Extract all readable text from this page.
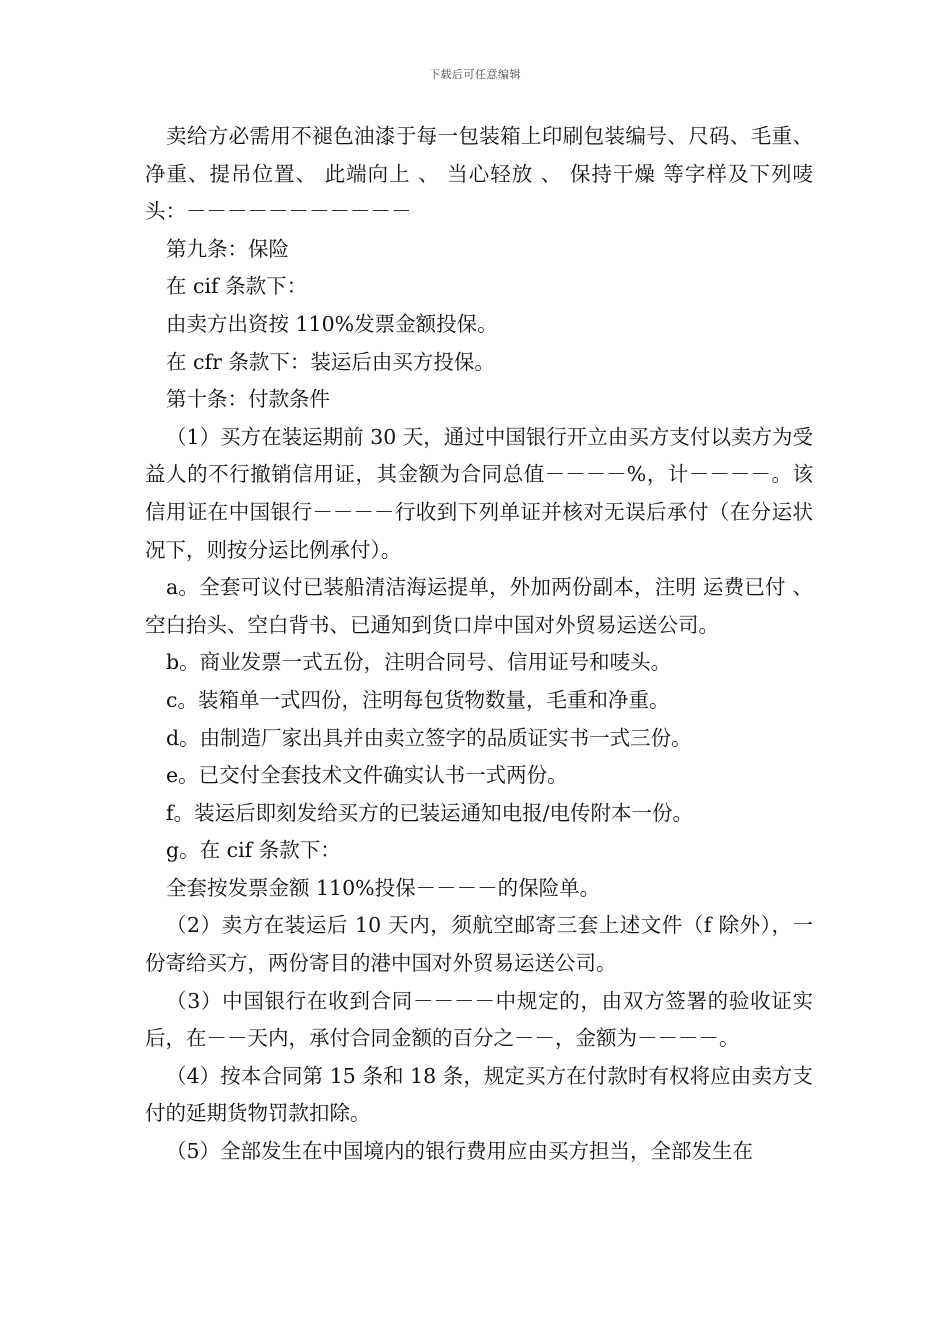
下载后可任意编辑

卖给方必需用不褪色油漆于每一包装箱上印刷包装编号、尺码、毛重、净重、提吊位置、 此端向上 、 当心轻放 、 保持干燥 等字样及下列唛头：－－－－－－－－－－－

第九条：保险

在 cif 条款下：

由卖方出资按 110%发票金额投保。

在 cfr 条款下：装运后由买方投保。

第十条：付款条件

（1）买方在装运期前 30 天，通过中国银行开立由买方支付以卖方为受益人的不行撤销信用证，其金额为合同总值－－－－%，计－－－－。该信用证在中国银行－－－－行收到下列单证并核对无误后承付（在分运状况下，则按分运比例承付）。

a。全套可议付已装船清洁海运提单，外加两份副本，注明 运费已付 、空白抬头、空白背书、已通知到货口岸中国对外贸易运送公司。

b。商业发票一式五份，注明合同号、信用证号和唛头。

c。装箱单一式四份，注明每包货物数量，毛重和净重。

d。由制造厂家出具并由卖立签字的品质证实书一式三份。

e。已交付全套技术文件确实认书一式两份。

f。装运后即刻发给买方的已装运通知电报/电传附本一份。

g。在 cif 条款下：

全套按发票金额 110%投保－－－－的保险单。

（2）卖方在装运后 10 天内，须航空邮寄三套上述文件（f 除外），一份寄给买方，两份寄目的港中国对外贸易运送公司。

（3）中国银行在收到合同－－－－中规定的，由双方签署的验收证实后，在－－天内，承付合同金额的百分之－－，金额为－－－－。

（4）按本合同第 15 条和 18 条，规定买方在付款时有权将应由卖方支付的延期货物罚款扣除。

（5）全部发生在中国境内的银行费用应由买方担当，全部发生在
